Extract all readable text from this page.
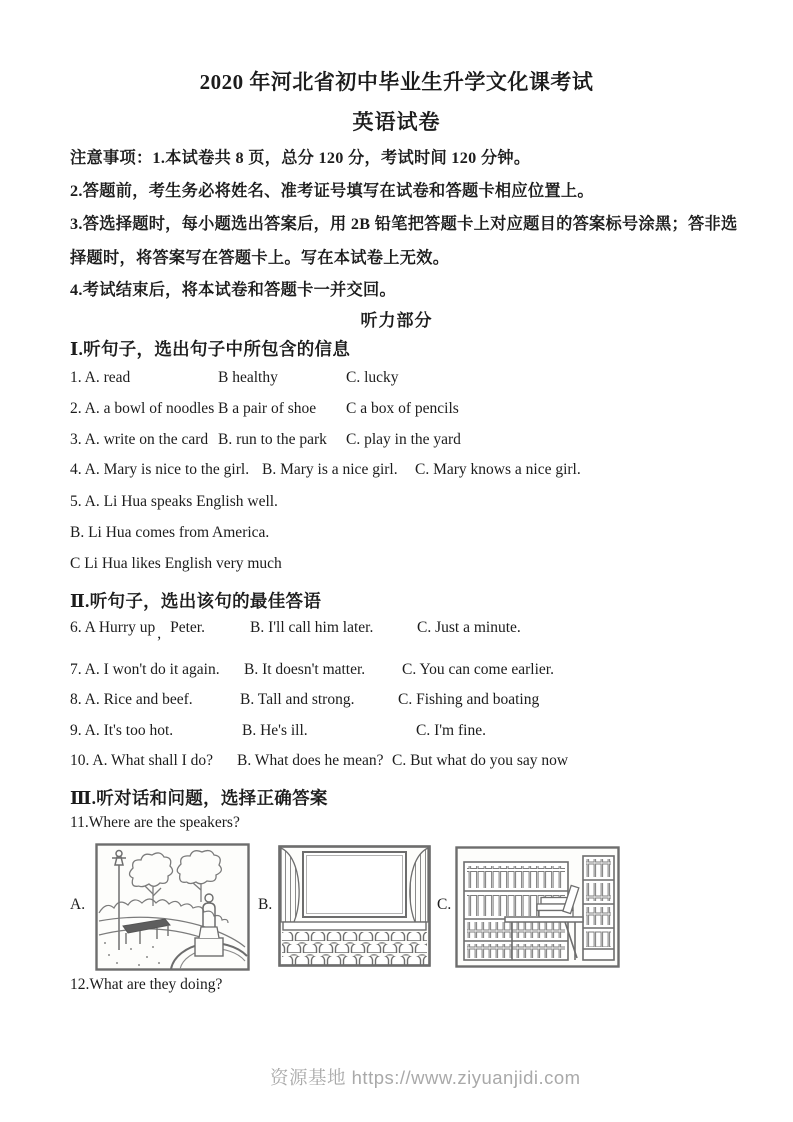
2020 年河北省初中毕业生升学文化课考试
英语试卷
注意事项：1.本试卷共 8 页，总分 120 分，考试时间 120 分钟。
2.答题前，考生务必将姓名、准考证号填写在试卷和答题卡相应位置上。
3.答选择题时，每小题选出答案后，用 2B 铅笔把答题卡上对应题目的答案标号涂黑；答非选
择题时，将答案写在答题卡上。写在本试卷上无效。
4.考试结束后，将本试卷和答题卡一并交回。
听力部分
Ⅰ.听句子，选出句子中所包含的信息
1. A. read	B healthy	C. lucky
2. A. a bowl of noodles B a pair of shoe	C a box of pencils
3. A. write on the card B. run to the park	C. play in the yard
4. A. Mary is nice to the girl. B. Mary is a nice girl.	C. Mary knows a nice girl.
5. A. Li Hua speaks English well.
B. Li Hua comes from America.
C Li Hua likes English very much
Ⅱ.听句子，选出该句的最佳答语
6. A Hurry up , Peter.	B. I'll call him later.	C. Just a minute.
7. A. I won't do it again.	B. It doesn't matter.	C. You can come earlier.
8. A. Rice and beef.	B. Tall and strong.	C. Fishing and boating
9. A. It's too hot.	B. He's ill.	C. I'm fine.
10. A. What shall I do?	B. What does he mean? C. But what do you say now
Ⅲ.听对话和问题，选择正确答案
11.Where are the speakers?
A.	B.	C.
12.What are they doing?
资源基地 https://www.ziyuanjidi.com
